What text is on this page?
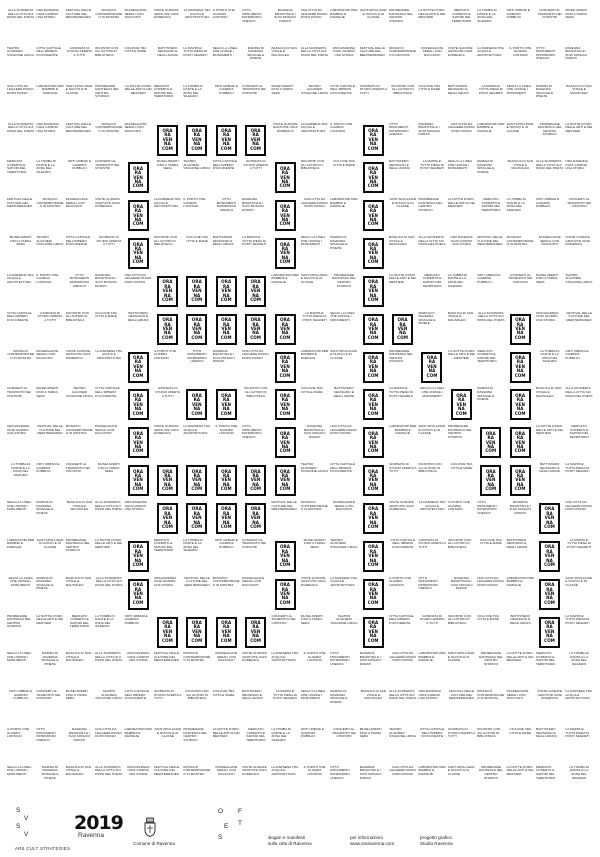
ALLA SCOPERTA DELLA CITTA SUI PASSI DEL POETA
ORA RAVENNA OGNI GIORNO UNA STORIA
FESTIVAL DELLE CULTURE DEL MEDITERRANEO
MOSAICO CONTEMPORANEO IN MOSTRA
PASSEGGIATE SERALI CON RACCONTI
VISITE GUIDATE GRATUITE OGNI DOMENICA
LA DARSENA TRA ACQUA E ARCHITETTURA
IL PORTO CHE GUARDA LONTANO
OTTO MONUMENTI PATRIMONIO UNESCO
RAVENNA BIZANTINA E I SUOI MOSAICI DORATI
UNA CITTA DA LEGGERE PASSO DOPO PASSO
LABORATORI PER BAMBINI E FAMIGLIE
SANT'APOLLINARE NUOVO E IN CLASSE
PROMENADE DANTESCA NEL CENTRO STORICO
LA NOTTE D'ORO DELLE ARTI E DEI MESTIERI
MERCATO COPERTO E SAPORI DEL TERRITORIO
LA TOMBA DI DANTE E LA ZONA DEL SILENZIO
ORTI URBANI E GIARDINI PUBBLICI
CONCERTI AL TRAMONTO NEI CHIOSTRI
MUSEI APERTI FINO A TARDA SERA
TEATRO ALIGHIERI STAGIONE LIRICA
CITTA CAPITALE DELL'IMPERO D'OCCIDENTE
GIORNATA DI STUDIO APERTA A TUTTI
INCONTRI CON GLI AUTORI IN BIBLIOTECA
CICLOVIE TRA CITTA E MARE
BATTISTERO NEONIANO E DEGLI ARIANI
LA MAPPA E' TUTTA PIENA DI POSTI SEGRETI
SEGUI LA LINEA CHE UNISCE I MONUMENTI
MARINA DI RAVENNA SPIAGGE E PINETE
BASILICA DI SAN VITALE E MAUSOLEO
ALLA SCOPERTA DELLA CITTA SUI PASSI DEL POETA
ORA RAVENNA OGNI GIORNO UNA STORIA
FESTIVAL DELLE CULTURE DEL MEDITERRANEO
MOSAICO CONTEMPORANEO IN MOSTRA
PASSEGGIATE SERALI CON RACCONTI
VISITE GUIDATE GRATUITE OGNI DOMENICA
LA DARSENA TRA ACQUA E ARCHITETTURA
IL PORTO CHE GUARDA LONTANO
OTTO MONUMENTI PATRIMONIO UNESCO
RAVENNA BIZANTINA E I SUOI MOSAICI DORATI
UNA CITTA DA LEGGERE PASSO DOPO PASSO
LABORATORI PER BAMBINI E FAMIGLIE
SANT'APOLLINARE NUOVO E IN CLASSE
PROMENADE DANTESCA NEL CENTRO STORICO
LA NOTTE D'ORO DELLE ARTI E DEI MESTIERI
MERCATO COPERTO E SAPORI DEL TERRITORIO
LA TOMBA DI DANTE E LA ZONA DEL SILENZIO
ORTI URBANI E GIARDINI PUBBLICI
CONCERTI AL TRAMONTO NEI CHIOSTRI
MUSEI APERTI FINO A TARDA SERA
TEATRO ALIGHIERI STAGIONE LIRICA
CITTA CAPITALE DELL'IMPERO D'OCCIDENTE
GIORNATA DI STUDIO APERTA A TUTTI
INCONTRI CON GLI AUTORI IN BIBLIOTECA
CICLOVIE TRA CITTA E MARE
BATTISTERO NEONIANO E DEGLI ARIANI
LA MAPPA E' TUTTA PIENA DI POSTI SEGRETI
SEGUI LA LINEA CHE UNISCE I MONUMENTI
MARINA DI RAVENNA SPIAGGE E PINETE
BASILICA DI SAN VITALE E MAUSOLEO
ALLA SCOPERTA DELLA CITTA SUI PASSI DEL POETA
ORA RAVENNA OGNI GIORNO UNA STORIA
FESTIVAL DELLE CULTURE DEL MEDITERRANEO
MOSAICO CONTEMPORANEO IN MOSTRA
PASSEGGIATE SERALI CON RACCONTI	ORA
RA
VEN
NA
COM
ORA
RA
VEN
NA
COM
ORA
RA
VEN
NA
COM
ORA
RA
VEN
NA
COM
VISITE GUIDATE GRATUITE OGNI DOMENICA
LA DARSENA TRA ACQUA E ARCHITETTURA
IL PORTO CHE GUARDA LONTANO	ORA
RA
VEN
NA
COM
OTTO MONUMENTI PATRIMONIO UNESCO
RAVENNA BIZANTINA E I SUOI MOSAICI DORATI
UNA CITTA DA LEGGERE PASSO DOPO PASSO
LABORATORI PER BAMBINI E FAMIGLIE
SANT'APOLLINARE NUOVO E IN CLASSE
PROMENADE DANTESCA NEL CENTRO STORICO
LA NOTTE D'ORO DELLE ARTI E DEI MESTIERI
MERCATO COPERTO E SAPORI DEL TERRITORIO
LA TOMBA DI DANTE E LA ZONA DEL SILENZIO
ORTI URBANI E GIARDINI PUBBLICI
CONCERTI AL TRAMONTO NEI CHIOSTRI	ORA
RA
VEN
NA
COM
MUSEI APERTI FINO A TARDA SERA
TEATRO ALIGHIERI STAGIONE LIRICA
CITTA CAPITALE DELL'IMPERO D'OCCIDENTE
GIORNATA DI STUDIO APERTA A TUTTI	ORA
RA
VEN
NA
COM
INCONTRI CON GLI AUTORI IN BIBLIOTECA
CICLOVIE TRA CITTA E MARE
ORA
RA
VEN
NA
COM
BATTISTERO NEONIANO E DEGLI ARIANI
LA MAPPA E' TUTTA PIENA DI POSTI SEGRETI
SEGUI LA LINEA CHE UNISCE I MONUMENTI
MARINA DI RAVENNA SPIAGGE E PINETE
BASILICA DI SAN VITALE E MAUSOLEO
ALLA SCOPERTA DELLA CITTA SUI PASSI DEL POETA
ORA RAVENNA OGNI GIORNO UNA STORIA
FESTIVAL DELLE CULTURE DEL MEDITERRANEO
MOSAICO CONTEMPORANEO IN MOSTRA
PASSEGGIATE SERALI CON RACCONTI
VISITE GUIDATE GRATUITE OGNI DOMENICA	ORA
RA
VEN
NA
COM
LA DARSENA TRA ACQUA E ARCHITETTURA
IL PORTO CHE GUARDA LONTANO
OTTO MONUMENTI PATRIMONIO UNESCO
RAVENNA BIZANTINA E I SUOI MOSAICI DORATI
ORA
RA
VEN
NA
COM
UNA CITTA DA LEGGERE PASSO DOPO PASSO
LABORATORI PER BAMBINI E FAMIGLIE	ORA
RA
VEN
NA
COM
SANT'APOLLINARE NUOVO E IN CLASSE
PROMENADE DANTESCA NEL CENTRO STORICO
LA NOTTE D'ORO DELLE ARTI E DEI MESTIERI
MERCATO COPERTO E SAPORI DEL TERRITORIO
LA TOMBA DI DANTE E LA ZONA DEL SILENZIO
ORTI URBANI E GIARDINI PUBBLICI
CONCERTI AL TRAMONTO NEI CHIOSTRI
MUSEI APERTI FINO A TARDA SERA
TEATRO ALIGHIERI STAGIONE LIRICA
CITTA CAPITALE DELL'IMPERO D'OCCIDENTE
GIORNATA DI STUDIO APERTA A TUTTI	ORA
RA
VEN
NA
COM
INCONTRI CON GLI AUTORI IN BIBLIOTECA
CICLOVIE TRA CITTA E MARE
BATTISTERO NEONIANO E DEGLI ARIANI
LA MAPPA E' TUTTA PIENA DI POSTI SEGRETI	ORA
RA
VEN
NA
COM
SEGUI LA LINEA CHE UNISCE I MONUMENTI
MARINA DI RAVENNA SPIAGGE E PINETE
ORA
RA
VEN
NA
COM
BASILICA DI SAN VITALE E MAUSOLEO
ALLA SCOPERTA DELLA CITTA SUI PASSI DEL POETA
ORA RAVENNA OGNI GIORNO UNA STORIA
FESTIVAL DELLE CULTURE DEL MEDITERRANEO
MOSAICO CONTEMPORANEO IN MOSTRA
PASSEGGIATE SERALI CON RACCONTI
VISITE GUIDATE GRATUITE OGNI DOMENICA
LA DARSENA TRA ACQUA E ARCHITETTURA
IL PORTO CHE GUARDA LONTANO
OTTO MONUMENTI PATRIMONIO UNESCO
RAVENNA BIZANTINA E I SUOI MOSAICI DORATI
UNA CITTA DA LEGGERE PASSO DOPO PASSO	ORA
RA
VEN
NA
COM
ORA
RA
VEN
NA
COM
ORA
RA
VEN
NA
COM
ORA
RA
VEN
NA
COM
LABORATORI PER BAMBINI E FAMIGLIE
SANT'APOLLINARE NUOVO E IN CLASSE
PROMENADE DANTESCA NEL CENTRO STORICO
ORA
RA
VEN
NA
COM
LA NOTTE D'ORO DELLE ARTI E DEI MESTIERI
MERCATO COPERTO E SAPORI DEL TERRITORIO
LA TOMBA DI DANTE E LA ZONA DEL SILENZIO
ORTI URBANI E GIARDINI PUBBLICI
CONCERTI AL TRAMONTO NEI CHIOSTRI
MUSEI APERTI FINO A TARDA SERA
TEATRO ALIGHIERI STAGIONE LIRICA
CITTA CAPITALE DELL'IMPERO D'OCCIDENTE
GIORNATA DI STUDIO APERTA A TUTTI
INCONTRI CON GLI AUTORI IN BIBLIOTECA
CICLOVIE TRA CITTA E MARE
BATTISTERO NEONIANO E DEGLI ARIANI	ORA
RA
VEN
NA
COM
ORA
RA
VEN
NA
COM
ORA
RA
VEN
NA
COM
ORA
RA
VEN
NA
COM
ORA
RA
VEN
NA
COM
LA MAPPA E' TUTTA PIENA DI POSTI SEGRETI
SEGUI LA LINEA CHE UNISCE I MONUMENTI	ORA
RA
VEN
NA
COM
ORA
RA
VEN
NA
COM
MARINA DI RAVENNA SPIAGGE E PINETE
BASILICA DI SAN VITALE E MAUSOLEO
ALLA SCOPERTA DELLA CITTA SUI PASSI DEL POETA	ORA
RA
VEN
NA
COM
ORA RAVENNA OGNI GIORNO UNA STORIA
FESTIVAL DELLE CULTURE DEL MEDITERRANEO
MOSAICO CONTEMPORANEO IN MOSTRA
PASSEGGIATE SERALI CON RACCONTI
VISITE GUIDATE GRATUITE OGNI DOMENICA
LA DARSENA TRA ACQUA E ARCHITETTURA	ORA
RA
VEN
NA
COM
IL PORTO CHE GUARDA LONTANO
OTTO MONUMENTI PATRIMONIO UNESCO
RAVENNA BIZANTINA E I SUOI MOSAICI DORATI
UNA CITTA DA LEGGERE PASSO DOPO PASSO	ORA
RA
VEN
NA
COM
LABORATORI PER BAMBINI E FAMIGLIE
SANT'APOLLINARE NUOVO E IN CLASSE	ORA
RA
VEN
NA
COM
PROMENADE DANTESCA NEL CENTRO STORICO
ORA
RA
VEN
NA
COM
LA NOTTE D'ORO DELLE ARTI E DEI MESTIERI
MERCATO COPERTO E SAPORI DEL TERRITORIO
ORA
RA
VEN
NA
COM
LA TOMBA DI DANTE E LA ZONA DEL SILENZIO
ORTI URBANI E GIARDINI PUBBLICI
CONCERTI AL TRAMONTO NEI CHIOSTRI
MUSEI APERTI FINO A TARDA SERA
TEATRO ALIGHIERI STAGIONE LIRICA
CITTA CAPITALE DELL'IMPERO D'OCCIDENTE	ORA
RA
VEN
NA
COM
GIORNATA DI STUDIO APERTA A TUTTI	ORA
RA
VEN
NA
COM
ORA
RA
VEN
NA
COM
INCONTRI CON GLI AUTORI IN BIBLIOTECA	ORA
RA
VEN
NA
COM
CICLOVIE TRA CITTA E MARE
BATTISTERO NEONIANO E DEGLI ARIANI	ORA
RA
VEN
NA
COM
LA MAPPA E' TUTTA PIENA DI POSTI SEGRETI
SEGUI LA LINEA CHE UNISCE I MONUMENTI	ORA
RA
VEN
NA
COM
MARINA DI RAVENNA SPIAGGE E PINETE
ORA
RA
VEN
NA
COM
BASILICA DI SAN VITALE E MAUSOLEO
ALLA SCOPERTA DELLA CITTA SUI PASSI DEL POETA
ORA RAVENNA OGNI GIORNO UNA STORIA
FESTIVAL DELLE CULTURE DEL MEDITERRANEO
MOSAICO CONTEMPORANEO IN MOSTRA
PASSEGGIATE SERALI CON RACCONTI	ORA
RA
VEN
NA
COM
VISITE GUIDATE GRATUITE OGNI DOMENICA
LA DARSENA TRA ACQUA E ARCHITETTURA
IL PORTO CHE GUARDA LONTANO
OTTO MONUMENTI PATRIMONIO UNESCO
ORA
RA
VEN
NA
COM
RAVENNA BIZANTINA E I SUOI MOSAICI DORATI
UNA CITTA DA LEGGERE PASSO DOPO PASSO	ORA
RA
VEN
NA
COM
LABORATORI PER BAMBINI E FAMIGLIE
SANT'APOLLINARE NUOVO E IN CLASSE
PROMENADE DANTESCA NEL CENTRO STORICO
ORA
RA
VEN
NA
COM
ORA
RA
VEN
NA
COM
LA NOTTE D'ORO DELLE ARTI E DEI MESTIERI
MERCATO COPERTO E SAPORI DEL TERRITORIO
LA TOMBA DI DANTE E LA ZONA DEL SILENZIO
ORTI URBANI E GIARDINI PUBBLICI
CONCERTI AL TRAMONTO NEI CHIOSTRI
MUSEI APERTI FINO A TARDA SERA	ORA
RA
VEN
NA
COM
ORA
RA
VEN
NA
COM
ORA
RA
VEN
NA
COM
ORA
RA
VEN
NA
COM
ORA
RA
VEN
NA
COM
ORA
RA
VEN
NA
COM
TEATRO ALIGHIERI STAGIONE LIRICA
CITTA CAPITALE DELL'IMPERO D'OCCIDENTE	ORA
RA
VEN
NA
COM
GIORNATA DI STUDIO APERTA A TUTTI
INCONTRI CON GLI AUTORI IN BIBLIOTECA
CICLOVIE TRA CITTA E MARE
ORA
RA
VEN
NA
COM
ORA
RA
VEN
NA
COM
BATTISTERO NEONIANO E DEGLI ARIANI
LA MAPPA E' TUTTA PIENA DI POSTI SEGRETI
SEGUI LA LINEA CHE UNISCE I MONUMENTI
MARINA DI RAVENNA SPIAGGE E PINETE
BASILICA DI SAN VITALE E MAUSOLEO
ALLA SCOPERTA DELLA CITTA SUI PASSI DEL POETA
ORA RAVENNA OGNI GIORNO UNA STORIA	ORA
RA
VEN
NA
COM
ORA
RA
VEN
NA
COM
ORA
RA
VEN
NA
COM
ORA
RA
VEN
NA
COM
FESTIVAL DELLE CULTURE DEL MEDITERRANEO
MOSAICO CONTEMPORANEO IN MOSTRA
PASSEGGIATE SERALI CON RACCONTI	ORA
RA
VEN
NA
COM
VISITE GUIDATE GRATUITE OGNI DOMENICA
LA DARSENA TRA ACQUA E ARCHITETTURA
IL PORTO CHE GUARDA LONTANO
OTTO MONUMENTI PATRIMONIO UNESCO
RAVENNA BIZANTINA E I SUOI MOSAICI DORATI
ORA
RA
VEN
NA
COM
UNA CITTA DA LEGGERE PASSO DOPO PASSO
LABORATORI PER BAMBINI E FAMIGLIE
SANT'APOLLINARE NUOVO E IN CLASSE
PROMENADE DANTESCA NEL CENTRO STORICO
LA NOTTE D'ORO DELLE ARTI E DEI MESTIERI	ORA
RA
VEN
NA
COM
MERCATO COPERTO E SAPORI DEL TERRITORIO
LA TOMBA DI DANTE E LA ZONA DEL SILENZIO
ORTI URBANI E GIARDINI PUBBLICI
CONCERTI AL TRAMONTO NEI CHIOSTRI	ORA
RA
VEN
NA
COM
MUSEI APERTI FINO A TARDA SERA
TEATRO ALIGHIERI STAGIONE LIRICA	ORA
RA
VEN
NA
COM
CITTA CAPITALE DELL'IMPERO D'OCCIDENTE
GIORNATA DI STUDIO APERTA A TUTTI
INCONTRI CON GLI AUTORI IN BIBLIOTECA
CICLOVIE TRA CITTA E MARE
BATTISTERO NEONIANO E DEGLI ARIANI	ORA
RA
VEN
NA
COM
LA MAPPA E' TUTTA PIENA DI POSTI SEGRETI
SEGUI LA LINEA CHE UNISCE I MONUMENTI
MARINA DI RAVENNA SPIAGGE E PINETE
BASILICA DI SAN VITALE E MAUSOLEO
ALLA SCOPERTA DELLA CITTA SUI PASSI DEL POETA	ORA
RA
VEN
NA
COM
ORA RAVENNA OGNI GIORNO UNA STORIA
FESTIVAL DELLE CULTURE DEL MEDITERRANEO
MOSAICO CONTEMPORANEO IN MOSTRA
PASSEGGIATE SERALI CON RACCONTI	ORA
RA
VEN
NA
COM
VISITE GUIDATE GRATUITE OGNI DOMENICA
LA DARSENA TRA ACQUA E ARCHITETTURA	ORA
RA
VEN
NA
COM
IL PORTO CHE GUARDA LONTANO
OTTO MONUMENTI PATRIMONIO UNESCO
RAVENNA BIZANTINA E I SUOI MOSAICI DORATI
UNA CITTA DA LEGGERE PASSO DOPO PASSO
LABORATORI PER BAMBINI E FAMIGLIE	ORA
RA
VEN
NA
COM
SANT'APOLLINARE NUOVO E IN CLASSE
PROMENADE DANTESCA NEL CENTRO STORICO
LA NOTTE D'ORO DELLE ARTI E DEI MESTIERI
MERCATO COPERTO E SAPORI DEL TERRITORIO
LA TOMBA DI DANTE E LA ZONA DEL SILENZIO
ORTI URBANI E GIARDINI PUBBLICI	ORA
RA
VEN
NA
COM
ORA
RA
VEN
NA
COM
ORA
RA
VEN
NA
COM
ORA
RA
VEN
NA
COM
CONCERTI AL TRAMONTO NEI CHIOSTRI
MUSEI APERTI FINO A TARDA SERA
TEATRO ALIGHIERI STAGIONE LIRICA	ORA
RA
VEN
NA
COM
CITTA CAPITALE DELL'IMPERO D'OCCIDENTE
GIORNATA DI STUDIO APERTA A TUTTI
INCONTRI CON GLI AUTORI IN BIBLIOTECA
CICLOVIE TRA CITTA E MARE
BATTISTERO NEONIANO E DEGLI ARIANI	ORA
RA
VEN
NA
COM
LA MAPPA E' TUTTA PIENA DI POSTI SEGRETI
SEGUI LA LINEA CHE UNISCE I MONUMENTI
MARINA DI RAVENNA SPIAGGE E PINETE
BASILICA DI SAN VITALE E MAUSOLEO
ALLA SCOPERTA DELLA CITTA SUI PASSI DEL POETA
ORA RAVENNA OGNI GIORNO UNA STORIA
FESTIVAL DELLE CULTURE DEL MEDITERRANEO
MOSAICO CONTEMPORANEO IN MOSTRA
PASSEGGIATE SERALI CON RACCONTI
VISITE GUIDATE GRATUITE OGNI DOMENICA
LA DARSENA TRA ACQUA E ARCHITETTURA
IL PORTO CHE GUARDA LONTANO
OTTO MONUMENTI PATRIMONIO UNESCO
RAVENNA BIZANTINA E I SUOI MOSAICI DORATI
UNA CITTA DA LEGGERE PASSO DOPO PASSO
LABORATORI PER BAMBINI E FAMIGLIE
SANT'APOLLINARE NUOVO E IN CLASSE
PROMENADE DANTESCA NEL CENTRO STORICO
LA NOTTE D'ORO DELLE ARTI E DEI MESTIERI
MERCATO COPERTO E SAPORI DEL TERRITORIO
LA TOMBA DI DANTE E LA ZONA DEL SILENZIO
ORTI URBANI E GIARDINI PUBBLICI
CONCERTI AL TRAMONTO NEI CHIOSTRI
MUSEI APERTI FINO A TARDA SERA
TEATRO ALIGHIERI STAGIONE LIRICA
CITTA CAPITALE DELL'IMPERO D'OCCIDENTE
GIORNATA DI STUDIO APERTA A TUTTI
INCONTRI CON GLI AUTORI IN BIBLIOTECA
CICLOVIE TRA CITTA E MARE
BATTISTERO NEONIANO E DEGLI ARIANI
LA MAPPA E' TUTTA PIENA DI POSTI SEGRETI
SEGUI LA LINEA CHE UNISCE I MONUMENTI
MARINA DI RAVENNA SPIAGGE E PINETE
BASILICA DI SAN VITALE E MAUSOLEO
ALLA SCOPERTA DELLA CITTA SUI PASSI DEL POETA
ORA RAVENNA OGNI GIORNO UNA STORIA
FESTIVAL DELLE CULTURE DEL MEDITERRANEO
MOSAICO CONTEMPORANEO IN MOSTRA
PASSEGGIATE SERALI CON RACCONTI
VISITE GUIDATE GRATUITE OGNI DOMENICA
LA DARSENA TRA ACQUA E ARCHITETTURA
IL PORTO CHE GUARDA LONTANO
OTTO MONUMENTI PATRIMONIO UNESCO
RAVENNA BIZANTINA E I SUOI MOSAICI DORATI
UNA CITTA DA LEGGERE PASSO DOPO PASSO
LABORATORI PER BAMBINI E FAMIGLIE
SANT'APOLLINARE NUOVO E IN CLASSE
PROMENADE DANTESCA NEL CENTRO STORICO
LA NOTTE D'ORO DELLE ARTI E DEI MESTIERI
MERCATO COPERTO E SAPORI DEL TERRITORIO
LA TOMBA DI DANTE E LA ZONA DEL SILENZIO
ORTI URBANI E GIARDINI PUBBLICI
CONCERTI AL TRAMONTO NEI CHIOSTRI
MUSEI APERTI FINO A TARDA SERA
TEATRO ALIGHIERI STAGIONE LIRICA
CITTA CAPITALE DELL'IMPERO D'OCCIDENTE
GIORNATA DI STUDIO APERTA A TUTTI
INCONTRI CON GLI AUTORI IN BIBLIOTECA
CICLOVIE TRA CITTA E MARE
BATTISTERO NEONIANO E DEGLI ARIANI
LA MAPPA E' TUTTA PIENA DI POSTI SEGRETI
SEGUI LA LINEA CHE UNISCE I MONUMENTI
MARINA DI RAVENNA SPIAGGE E PINETE
BASILICA DI SAN VITALE E MAUSOLEO
ALLA SCOPERTA DELLA CITTA SUI PASSI DEL POETA
ORA RAVENNA OGNI GIORNO UNA STORIA
FESTIVAL DELLE CULTURE DEL MEDITERRANEO
MOSAICO CONTEMPORANEO IN MOSTRA
PASSEGGIATE SERALI CON RACCONTI
VISITE GUIDATE GRATUITE OGNI DOMENICA
LA DARSENA TRA ACQUA E ARCHITETTURA
IL PORTO CHE GUARDA LONTANO
OTTO MONUMENTI PATRIMONIO UNESCO
RAVENNA BIZANTINA E I SUOI MOSAICI DORATI
UNA CITTA DA LEGGERE PASSO DOPO PASSO
LABORATORI PER BAMBINI E FAMIGLIE
SANT'APOLLINARE NUOVO E IN CLASSE
PROMENADE DANTESCA NEL CENTRO STORICO
LA NOTTE D'ORO DELLE ARTI E DEI MESTIERI
MERCATO COPERTO E SAPORI DEL TERRITORIO
LA TOMBA DI DANTE E LA ZONA DEL SILENZIO
S
V
S
V
ARS CULT STRATEGIES
2019
Ravenna
Comune di Ravenna
O F
T
S
E
slogan e manifesti
sulla citta di Ravenna
per informazioni
www.oraravenna.com
progetto grafico
Studio Ravenna
